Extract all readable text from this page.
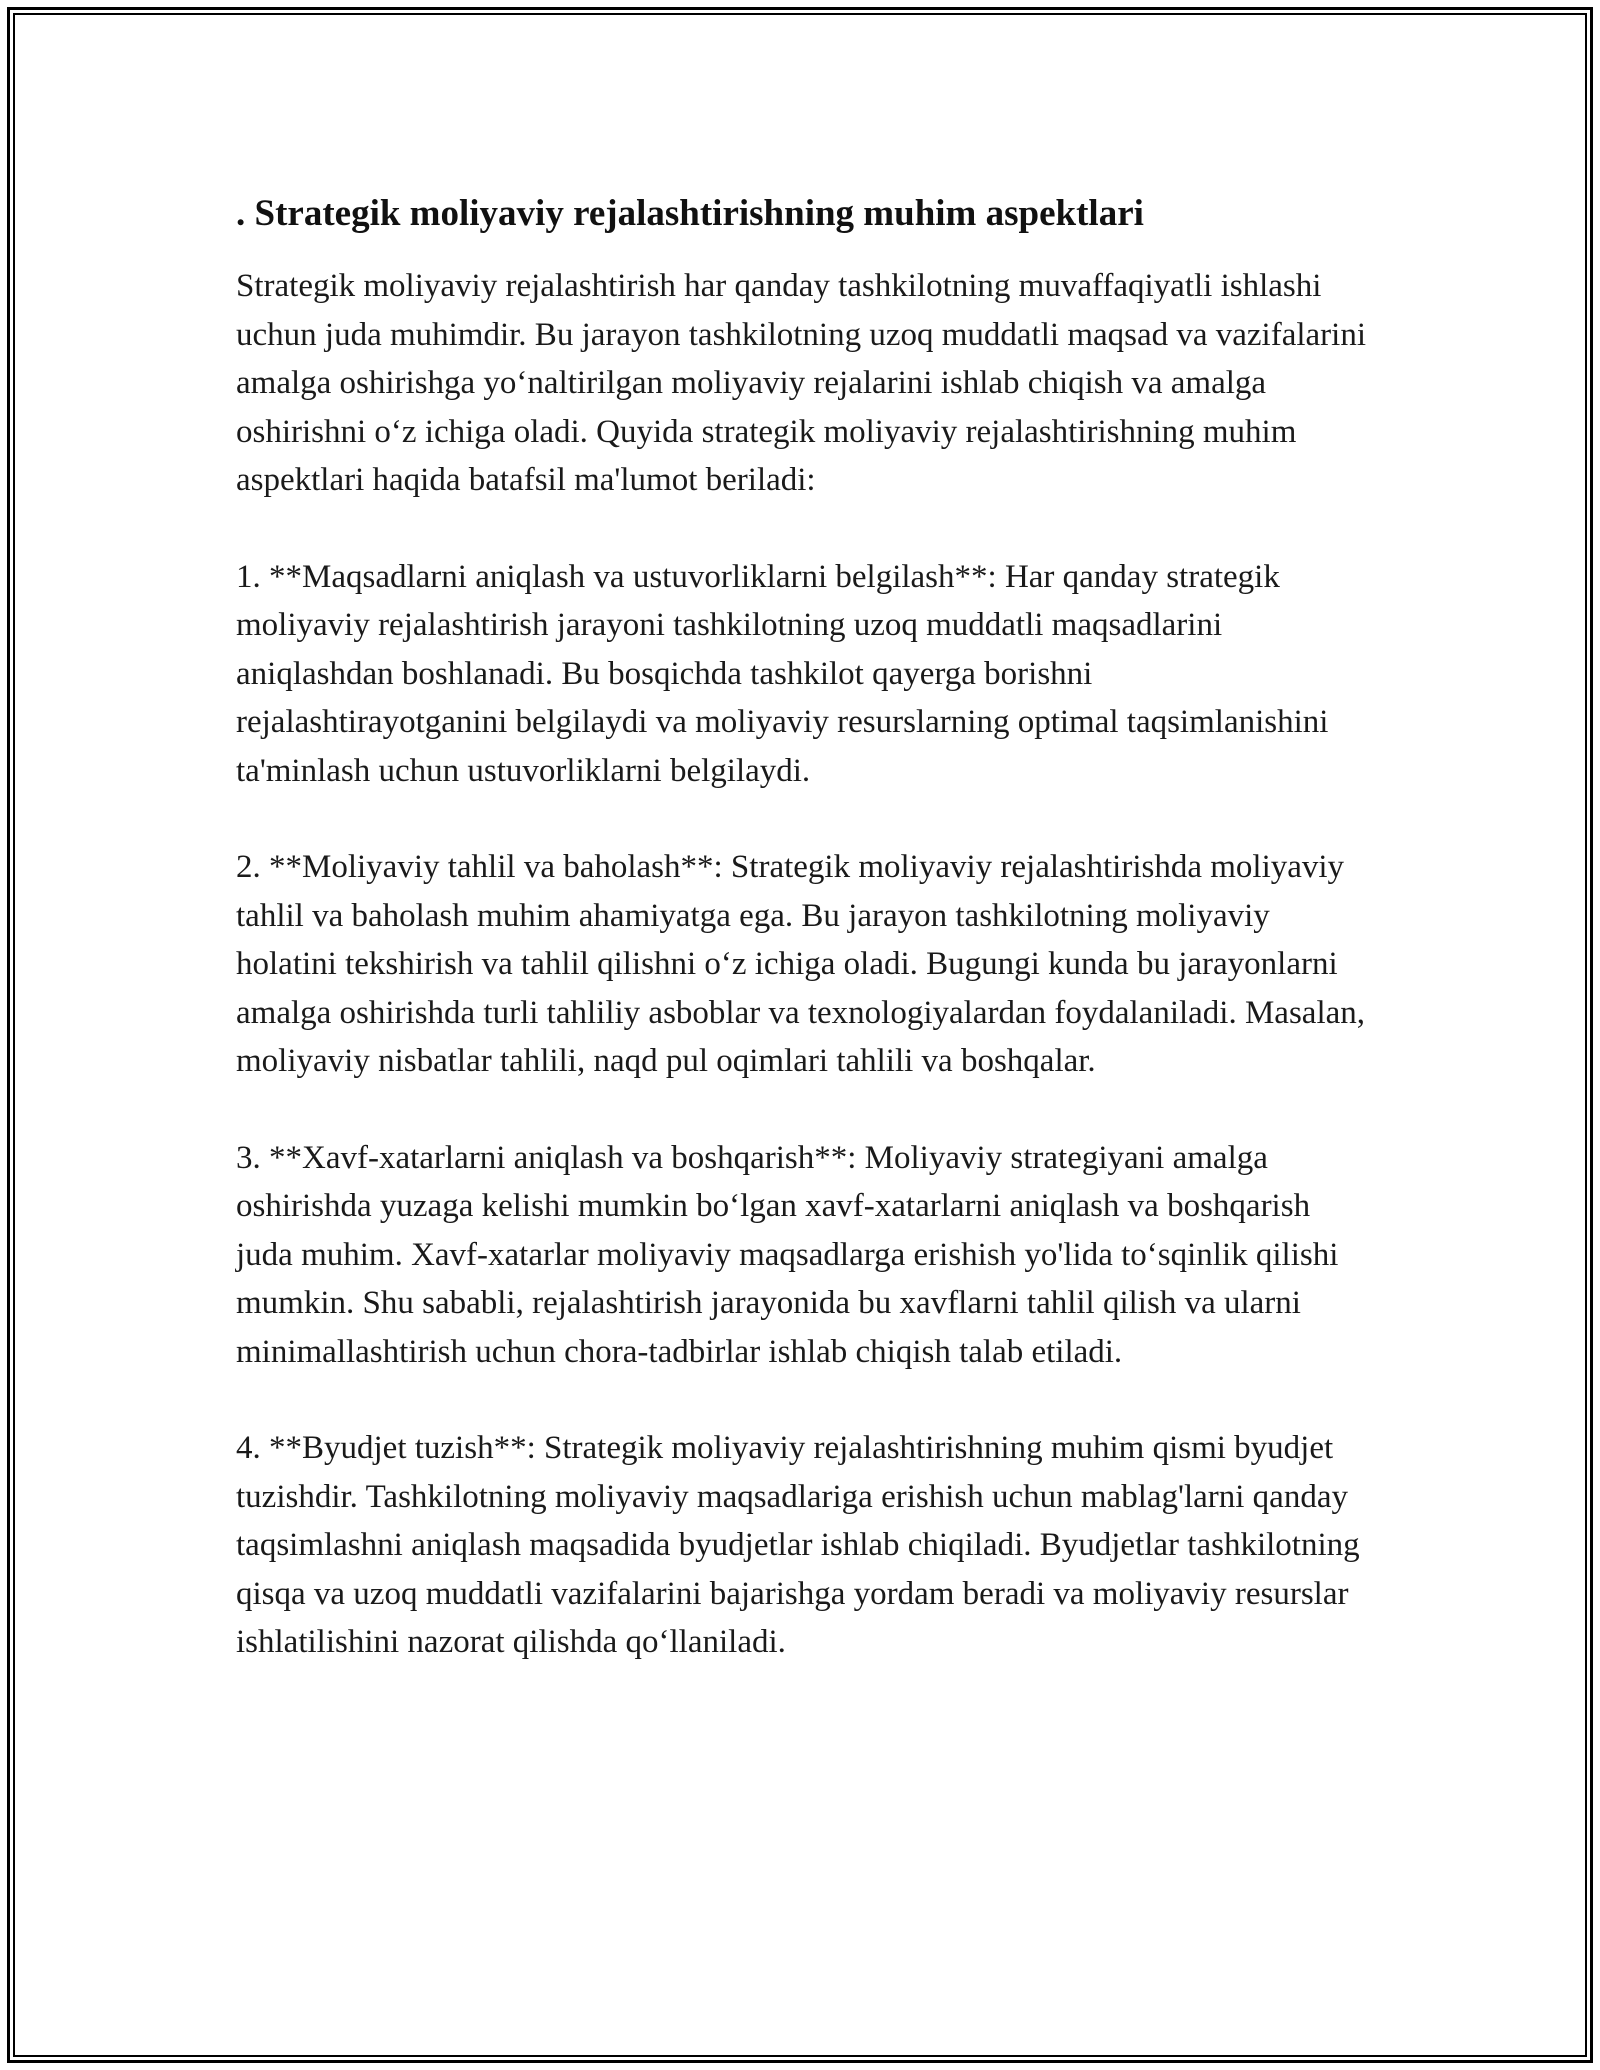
. Strategik moliyaviy rejalashtirishning muhim aspektlari

Strategik moliyaviy rejalashtirish har qanday tashkilotning muvaffaqiyatli ishlashi uchun juda muhimdir. Bu jarayon tashkilotning uzoq muddatli maqsad va vazifalarini amalga oshirishga yoʻnaltirilgan moliyaviy rejalarini ishlab chiqish va amalga oshirishni oʻz ichiga oladi. Quyida strategik moliyaviy rejalashtirishning muhim aspektlari haqida batafsil ma'lumot beriladi:

1. **Maqsadlarni aniqlash va ustuvorliklarni belgilash**: Har qanday strategik moliyaviy rejalashtirish jarayoni tashkilotning uzoq muddatli maqsadlarini aniqlashdan boshlanadi. Bu bosqichda tashkilot qayerga borishni rejalashtirayotganini belgilaydi va moliyaviy resurslarning optimal taqsimlanishini ta'minlash uchun ustuvorliklarni belgilaydi.

2. **Moliyaviy tahlil va baholash**: Strategik moliyaviy rejalashtirishda moliyaviy tahlil va baholash muhim ahamiyatga ega. Bu jarayon tashkilotning moliyaviy holatini tekshirish va tahlil qilishni oʻz ichiga oladi. Bugungi kunda bu jarayonlarni amalga oshirishda turli tahliliy asboblar va texnologiyalardan foydalaniladi. Masalan, moliyaviy nisbatlar tahlili, naqd pul oqimlari tahlili va boshqalar.

3. **Xavf-xatarlarni aniqlash va boshqarish**: Moliyaviy strategiyani amalga oshirishda yuzaga kelishi mumkin boʻlgan xavf-xatarlarni aniqlash va boshqarish juda muhim. Xavf-xatarlar moliyaviy maqsadlarga erishish yo'lida toʻsqinlik qilishi mumkin. Shu sababli, rejalashtirish jarayonida bu xavflarni tahlil qilish va ularni minimallashtirish uchun chora-tadbirlar ishlab chiqish talab etiladi.

4. **Byudjet tuzish**: Strategik moliyaviy rejalashtirishning muhim qismi byudjet tuzishdir. Tashkilotning moliyaviy maqsadlariga erishish uchun mablag'larni qanday taqsimlashni aniqlash maqsadida byudjetlar ishlab chiqiladi. Byudjetlar tashkilotning qisqa va uzoq muddatli vazifalarini bajarishga yordam beradi va moliyaviy resurslar ishlatilishini nazorat qilishda qoʻllaniladi.
